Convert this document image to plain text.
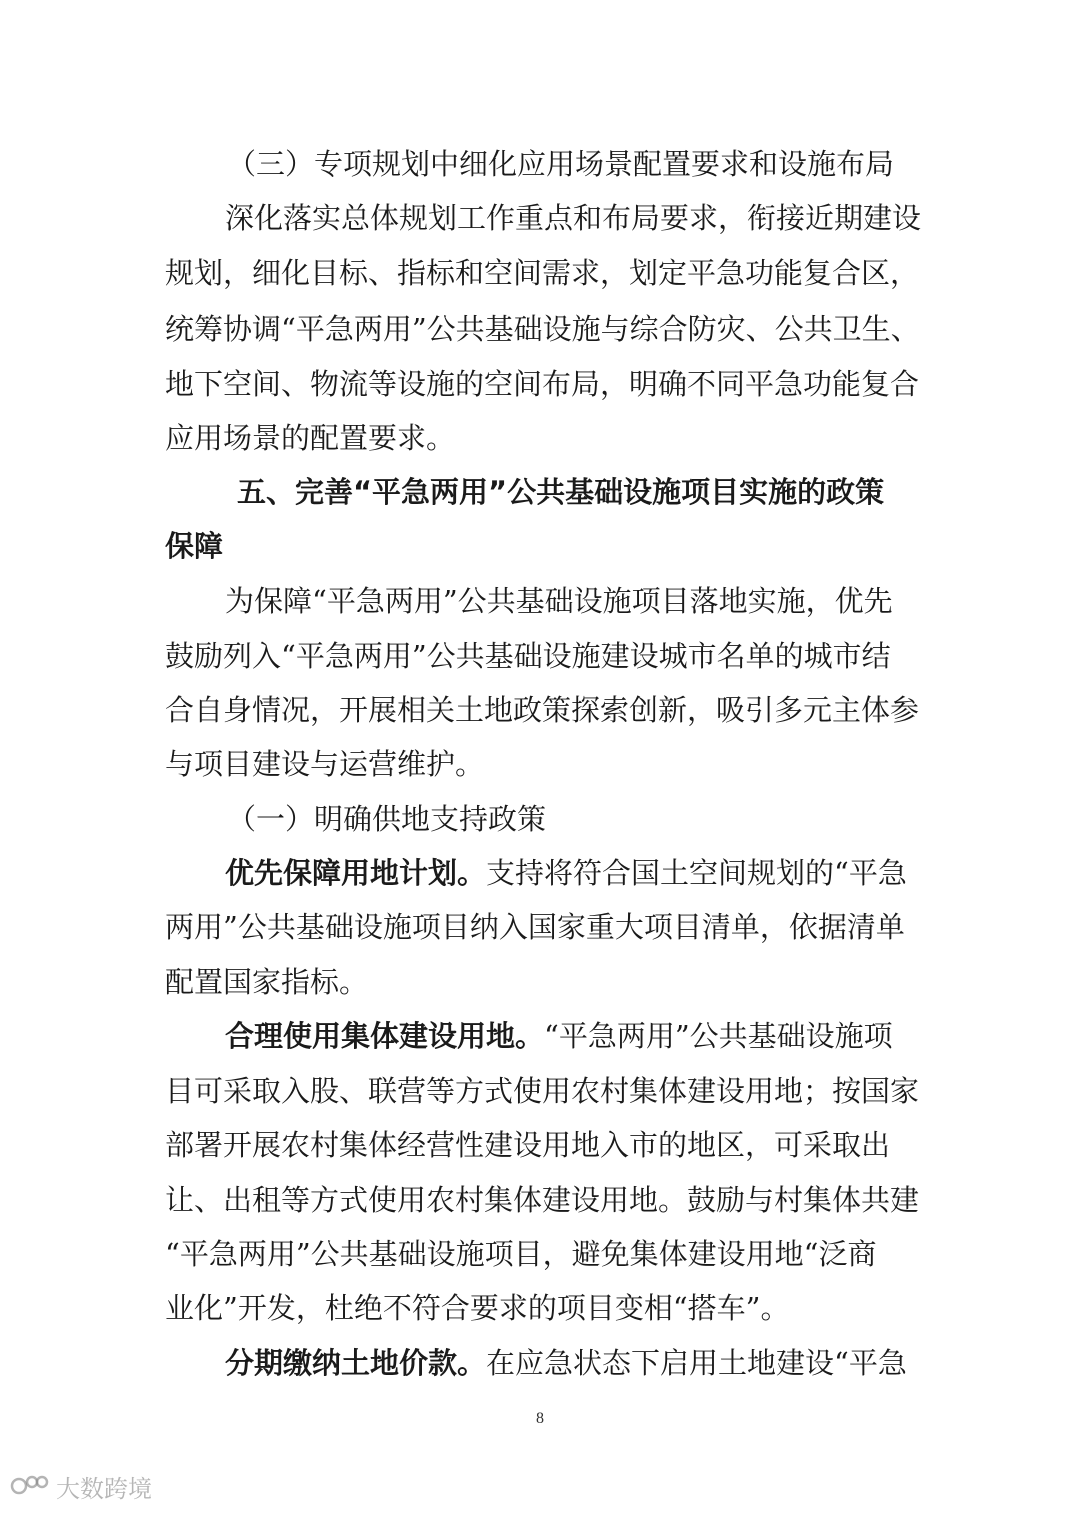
（三）专项规划中细化应用场景配置要求和设施布局
深化落实总体规划工作重点和布局要求，衔接近期建设
规划，细化目标、指标和空间需求，划定平急功能复合区，
统筹协调“平急两用”公共基础设施与综合防灾、公共卫生、
地下空间、物流等设施的空间布局，明确不同平急功能复合
应用场景的配置要求。
五、完善“平急两用”公共基础设施项目实施的政策
保障
为保障“平急两用”公共基础设施项目落地实施，优先
鼓励列入“平急两用”公共基础设施建设城市名单的城市结
合自身情况，开展相关土地政策探索创新，吸引多元主体参
与项目建设与运营维护。
（一）明确供地支持政策
优先保障用地计划。支持将符合国土空间规划的“平急
两用”公共基础设施项目纳入国家重大项目清单，依据清单
配置国家指标。
合理使用集体建设用地。“平急两用”公共基础设施项
目可采取入股、联营等方式使用农村集体建设用地；按国家
部署开展农村集体经营性建设用地入市的地区，可采取出
让、出租等方式使用农村集体建设用地。鼓励与村集体共建
“平急两用”公共基础设施项目，避免集体建设用地“泛商
业化”开发，杜绝不符合要求的项目变相“搭车”。
分期缴纳土地价款。在应急状态下启用土地建设“平急
8
大数跨境
